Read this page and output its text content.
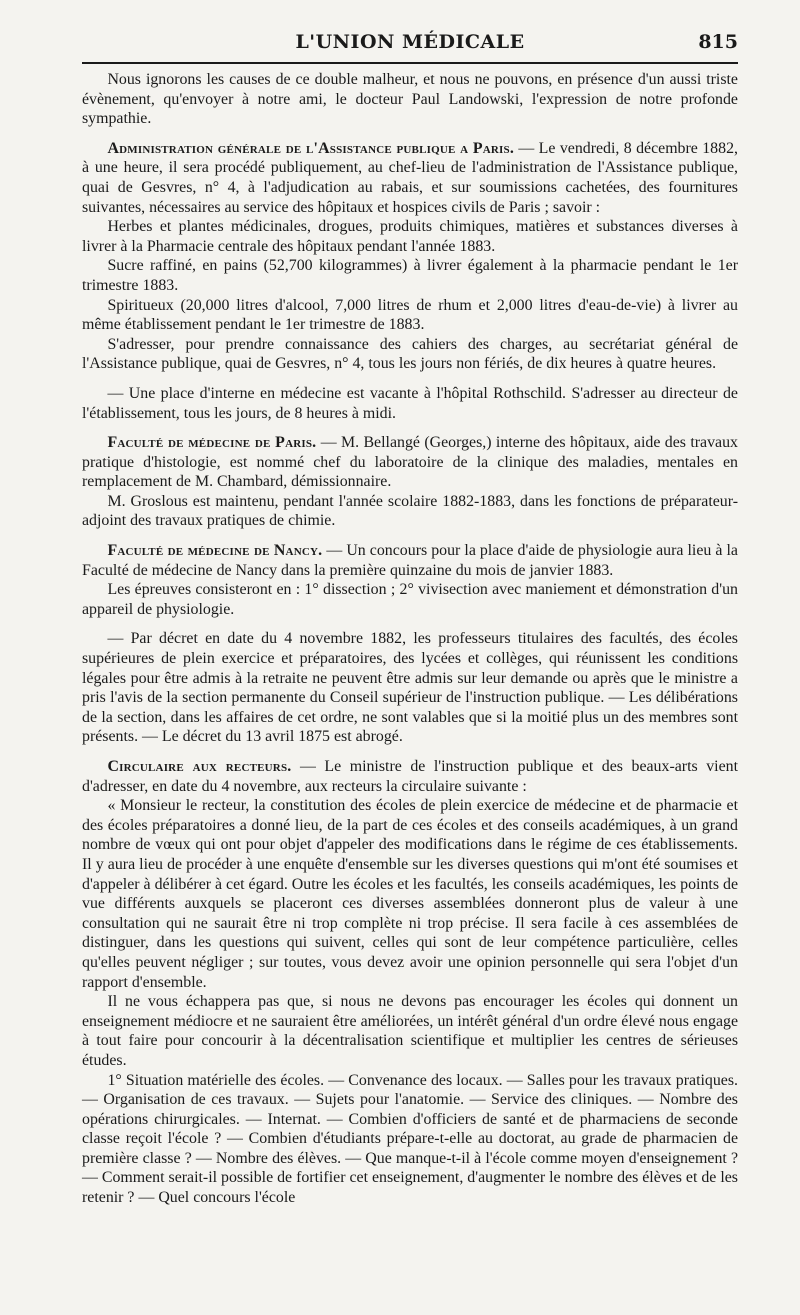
L'UNION MÉDICALE	815

Nous ignorons les causes de ce double malheur, et nous ne pouvons, en présence d'un aussi triste évènement, qu'envoyer à notre ami, le docteur Paul Landowski, l'expression de notre profonde sympathie.

Administration générale de l'Assistance publique a Paris. — Le vendredi, 8 décembre 1882, à une heure, il sera procédé publiquement, au chef-lieu de l'administration de l'Assistance publique, quai de Gesvres, n° 4, à l'adjudication au rabais, et sur soumissions cachetées, des fournitures suivantes, nécessaires au service des hôpitaux et hospices civils de Paris ; savoir :

Herbes et plantes médicinales, drogues, produits chimiques, matières et substances diverses à livrer à la Pharmacie centrale des hôpitaux pendant l'année 1883.

Sucre raffiné, en pains (52,700 kilogrammes) à livrer également à la pharmacie pendant le 1er trimestre 1883.

Spiritueux (20,000 litres d'alcool, 7,000 litres de rhum et 2,000 litres d'eau-de-vie) à livrer au même établissement pendant le 1er trimestre de 1883.

S'adresser, pour prendre connaissance des cahiers des charges, au secrétariat général de l'Assistance publique, quai de Gesvres, n° 4, tous les jours non fériés, de dix heures à quatre heures.

— Une place d'interne en médecine est vacante à l'hôpital Rothschild. S'adresser au directeur de l'établissement, tous les jours, de 8 heures à midi.

Faculté de médecine de Paris. — M. Bellangé (Georges,) interne des hôpitaux, aide des travaux pratique d'histologie, est nommé chef du laboratoire de la clinique des maladies, mentales en remplacement de M. Chambard, démissionnaire.

M. Groslous est maintenu, pendant l'année scolaire 1882-1883, dans les fonctions de préparateur-adjoint des travaux pratiques de chimie.

Faculté de médecine de Nancy. — Un concours pour la place d'aide de physiologie aura lieu à la Faculté de médecine de Nancy dans la première quinzaine du mois de janvier 1883.

Les épreuves consisteront en : 1° dissection ; 2° vivisection avec maniement et démonstration d'un appareil de physiologie.

— Par décret en date du 4 novembre 1882, les professeurs titulaires des facultés, des écoles supérieures de plein exercice et préparatoires, des lycées et collèges, qui réunissent les conditions légales pour être admis à la retraite ne peuvent être admis sur leur demande ou après que le ministre a pris l'avis de la section permanente du Conseil supérieur de l'instruction publique. — Les délibérations de la section, dans les affaires de cet ordre, ne sont valables que si la moitié plus un des membres sont présents. — Le décret du 13 avril 1875 est abrogé.

Circulaire aux recteurs. — Le ministre de l'instruction publique et des beaux-arts vient d'adresser, en date du 4 novembre, aux recteurs la circulaire suivante :

« Monsieur le recteur, la constitution des écoles de plein exercice de médecine et de pharmacie et des écoles préparatoires a donné lieu, de la part de ces écoles et des conseils académiques, à un grand nombre de vœux qui ont pour objet d'appeler des modifications dans le régime de ces établissements. Il y aura lieu de procéder à une enquête d'ensemble sur les diverses questions qui m'ont été soumises et d'appeler à délibérer à cet égard. Outre les écoles et les facultés, les conseils académiques, les points de vue différents auxquels se placeront ces diverses assemblées donneront plus de valeur à une consultation qui ne saurait être ni trop complète ni trop précise. Il sera facile à ces assemblées de distinguer, dans les questions qui suivent, celles qui sont de leur compétence particulière, celles qu'elles peuvent négliger ; sur toutes, vous devez avoir une opinion personnelle qui sera l'objet d'un rapport d'ensemble.

Il ne vous échappera pas que, si nous ne devons pas encourager les écoles qui donnent un enseignement médiocre et ne sauraient être améliorées, un intérêt général d'un ordre élevé nous engage à tout faire pour concourir à la décentralisation scientifique et multiplier les centres de sérieuses études.

1° Situation matérielle des écoles. — Convenance des locaux. — Salles pour les travaux pratiques. — Organisation de ces travaux. — Sujets pour l'anatomie. — Service des cliniques. — Nombre des opérations chirurgicales. — Internat. — Combien d'officiers de santé et de pharmaciens de seconde classe reçoit l'école ? — Combien d'étudiants prépare-t-elle au doctorat, au grade de pharmacien de première classe ? — Nombre des élèves. — Que manque-t-il à l'école comme moyen d'enseignement ? — Comment serait-il possible de fortifier cet enseignement, d'augmenter le nombre des élèves et de les retenir ? — Quel concours l'école
